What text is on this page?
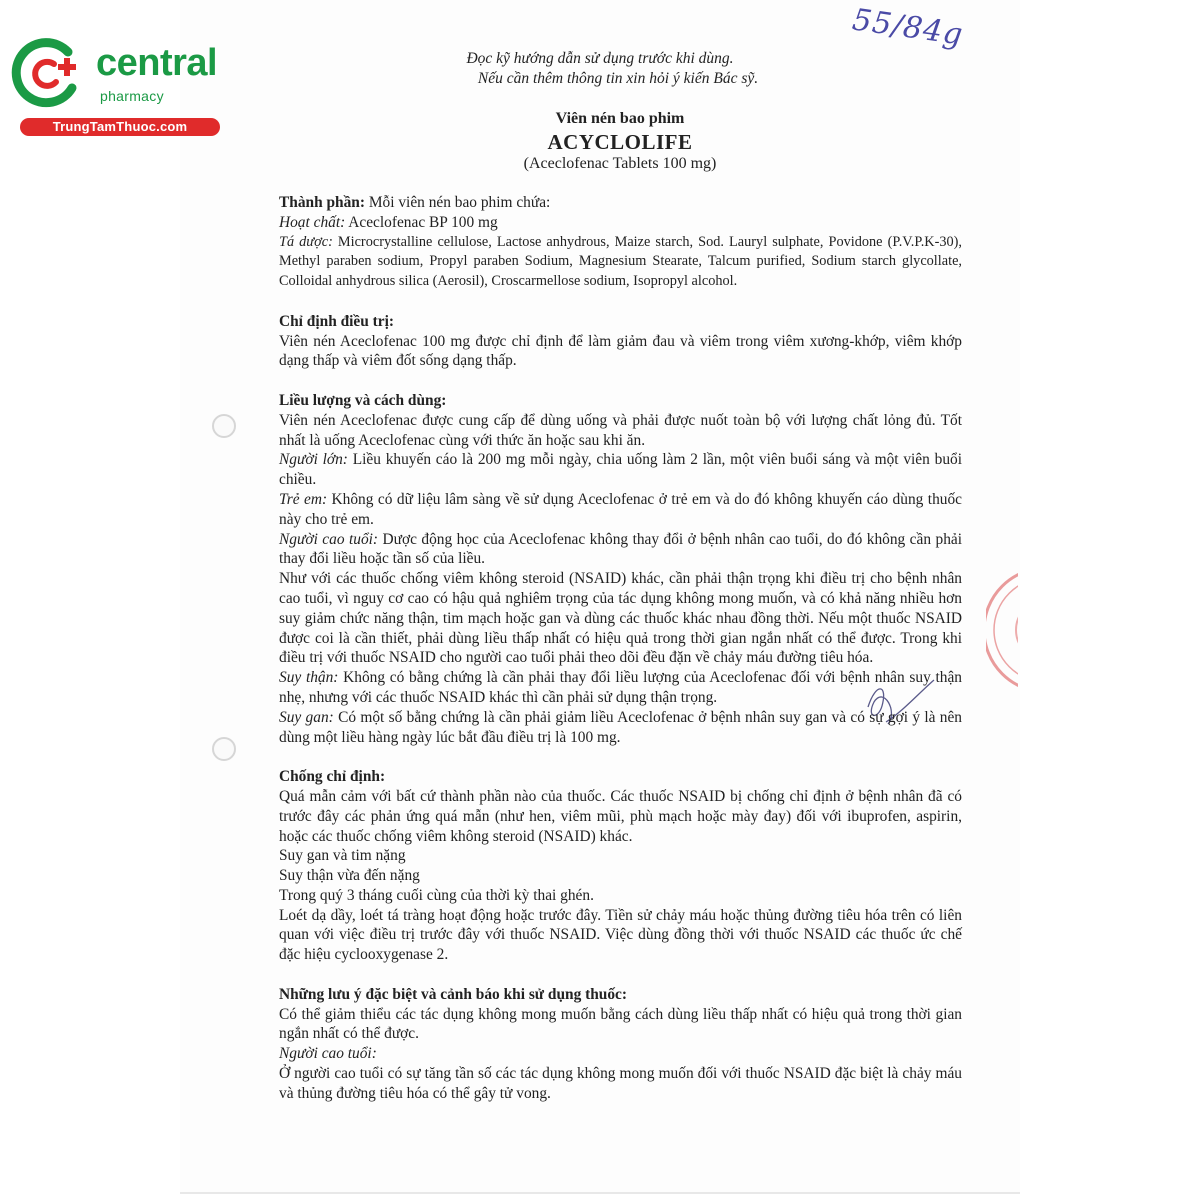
central
pharmacy
TrungTamThuoc.com
55/84g
Đọc kỹ hướng dẫn sử dụng trước khi dùng.
Nếu cần thêm thông tin xin hỏi ý kiến Bác sỹ.
Viên nén bao phim
ACYCLOLIFE
(Aceclofenac Tablets 100 mg)

Thành phần: Mỗi viên nén bao phim chứa:

Hoạt chất: Aceclofenac BP 100 mg

Tá dược: Microcrystalline cellulose, Lactose anhydrous, Maize starch, Sod. Lauryl sulphate, Povidone (P.V.P.K-30), Methyl paraben sodium, Propyl paraben Sodium, Magnesium Stearate, Talcum purified, Sodium starch glycollate, Colloidal anhydrous silica (Aerosil), Croscarmellose sodium, Isopropyl alcohol.

Chỉ định điều trị:

Viên nén Aceclofenac 100 mg được chỉ định để làm giảm đau và viêm trong viêm xương-khớp, viêm khớp dạng thấp và viêm đốt sống dạng thấp.

Liều lượng và cách dùng:

Viên nén Aceclofenac được cung cấp để dùng uống và phải được nuốt toàn bộ với lượng chất lỏng đủ. Tốt nhất là uống Aceclofenac cùng với thức ăn hoặc sau khi ăn.

Người lớn: Liều khuyến cáo là 200 mg mỗi ngày, chia uống làm 2 lần, một viên buổi sáng và một viên buổi chiều.

Trẻ em: Không có dữ liệu lâm sàng về sử dụng Aceclofenac ở trẻ em và do đó không khuyến cáo dùng thuốc này cho trẻ em.

Người cao tuổi: Dược động học của Aceclofenac không thay đổi ở bệnh nhân cao tuổi, do đó không cần phải thay đổi liều hoặc tần số của liều.

Như với các thuốc chống viêm không steroid (NSAID) khác, cần phải thận trọng khi điều trị cho bệnh nhân cao tuổi, vì nguy cơ cao có hậu quả nghiêm trọng của tác dụng không mong muốn, và có khả năng nhiều hơn suy giảm chức năng thận, tim mạch hoặc gan và dùng các thuốc khác nhau đồng thời. Nếu một thuốc NSAID được coi là cần thiết, phải dùng liều thấp nhất có hiệu quả trong thời gian ngắn nhất có thể được. Trong khi điều trị với thuốc NSAID cho người cao tuổi phải theo dõi đều đặn về chảy máu đường tiêu hóa.

Suy thận: Không có bằng chứng là cần phải thay đổi liều lượng của Aceclofenac đối với bệnh nhân suy thận nhẹ, nhưng với các thuốc NSAID khác thì cần phải sử dụng thận trọng.

Suy gan: Có một số bằng chứng là cần phải giảm liều Aceclofenac ở bệnh nhân suy gan và có sự gợi ý là nên dùng một liều hàng ngày lúc bắt đầu điều trị là 100 mg.

Chống chỉ định:

Quá mẫn cảm với bất cứ thành phần nào của thuốc. Các thuốc NSAID bị chống chỉ định ở bệnh nhân đã có trước đây các phản ứng quá mẫn (như hen, viêm mũi, phù mạch hoặc mày đay) đối với ibuprofen, aspirin, hoặc các thuốc chống viêm không steroid (NSAID) khác.

Suy gan và tim nặng

Suy thận vừa đến nặng

Trong quý 3 tháng cuối cùng của thời kỳ thai ghén.

Loét dạ dầy, loét tá tràng hoạt động hoặc trước đây. Tiền sử chảy máu hoặc thủng đường tiêu hóa trên có liên quan với việc điều trị trước đây với thuốc NSAID. Việc dùng đồng thời với thuốc NSAID các thuốc ức chế đặc hiệu cyclooxygenase 2.

Những lưu ý đặc biệt và cảnh báo khi sử dụng thuốc:

Có thể giảm thiểu các tác dụng không mong muốn bằng cách dùng liều thấp nhất có hiệu quả trong thời gian ngắn nhất có thể được.

Người cao tuổi:

Ở người cao tuổi có sự tăng tần số các tác dụng không mong muốn đối với thuốc NSAID đặc biệt là chảy máu và thủng đường tiêu hóa có thể gây tử vong.
